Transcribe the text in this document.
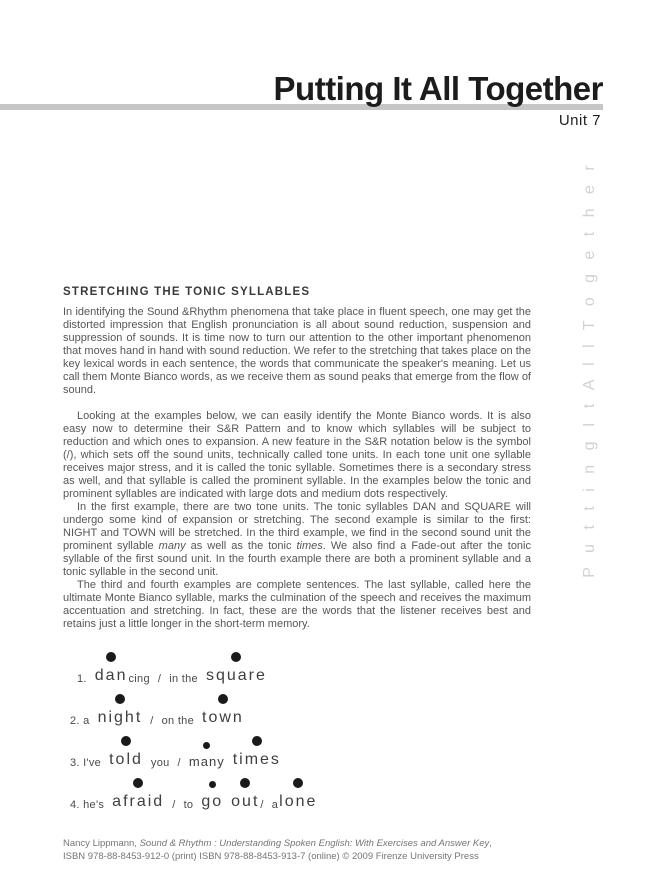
Putting It All Together
Unit 7
P u t t i n g I t A l l T o g e t h e r
STRETCHING THE TONIC SYLLABLES

In identifying the Sound &Rhythm phenomena that take place in fluent speech, one may get the distorted impression that English pronunciation is all about sound reduction, suspension and suppression of sounds. It is time now to turn our attention to the other important phenomenon that moves hand in hand with sound reduction. We refer to the stretching that takes place on the key lexical words in each sentence, the words that communicate the speaker's meaning. Let us call them Monte Bianco words, as we receive them as sound peaks that emerge from the flow of sound.

Looking at the examples below, we can easily identify the Monte Bianco words. It is also easy now to determine their S&R Pattern and to know which syllables will be subject to reduction and which ones to expansion. A new feature in the S&R notation below is the symbol (/), which sets off the sound units, technically called tone units. In each tone unit one syllable receives major stress, and it is called the tonic syllable. Sometimes there is a secondary stress as well, and that syllable is called the prominent syllable. In the examples below the tonic and prominent syllables are indicated with large dots and medium dots respectively.

In the first example, there are two tone units. The tonic syllables DAN and SQUARE will undergo some kind of expansion or stretching. The second example is similar to the first: NIGHT and TOWN will be stretched. In the third example, we find in the second sound unit the prominent syllable many as well as the tonic times. We also find a Fade-out after the tonic syllable of the first sound unit. In the fourth example there are both a prominent syllable and a tonic syllable in the second unit.

The third and fourth examples are complete sentences. The last syllable, called here the ultimate Monte Bianco syllable, marks the culmination of the speech and receives the maximum accentuation and stretching. In fact, these are the words that the listener receives best and retains just a little longer in the short-term memory.

1. dan cing / in the square
2. a night / on the town
3. I've told you / many times
4. he's afraid / to go out / a lone
Nancy Lippmann, Sound & Rhythm : Understanding Spoken English: With Exercises and Answer Key,
ISBN 978-88-8453-912-0 (print) ISBN 978-88-8453-913-7 (online) © 2009 Firenze University Press
